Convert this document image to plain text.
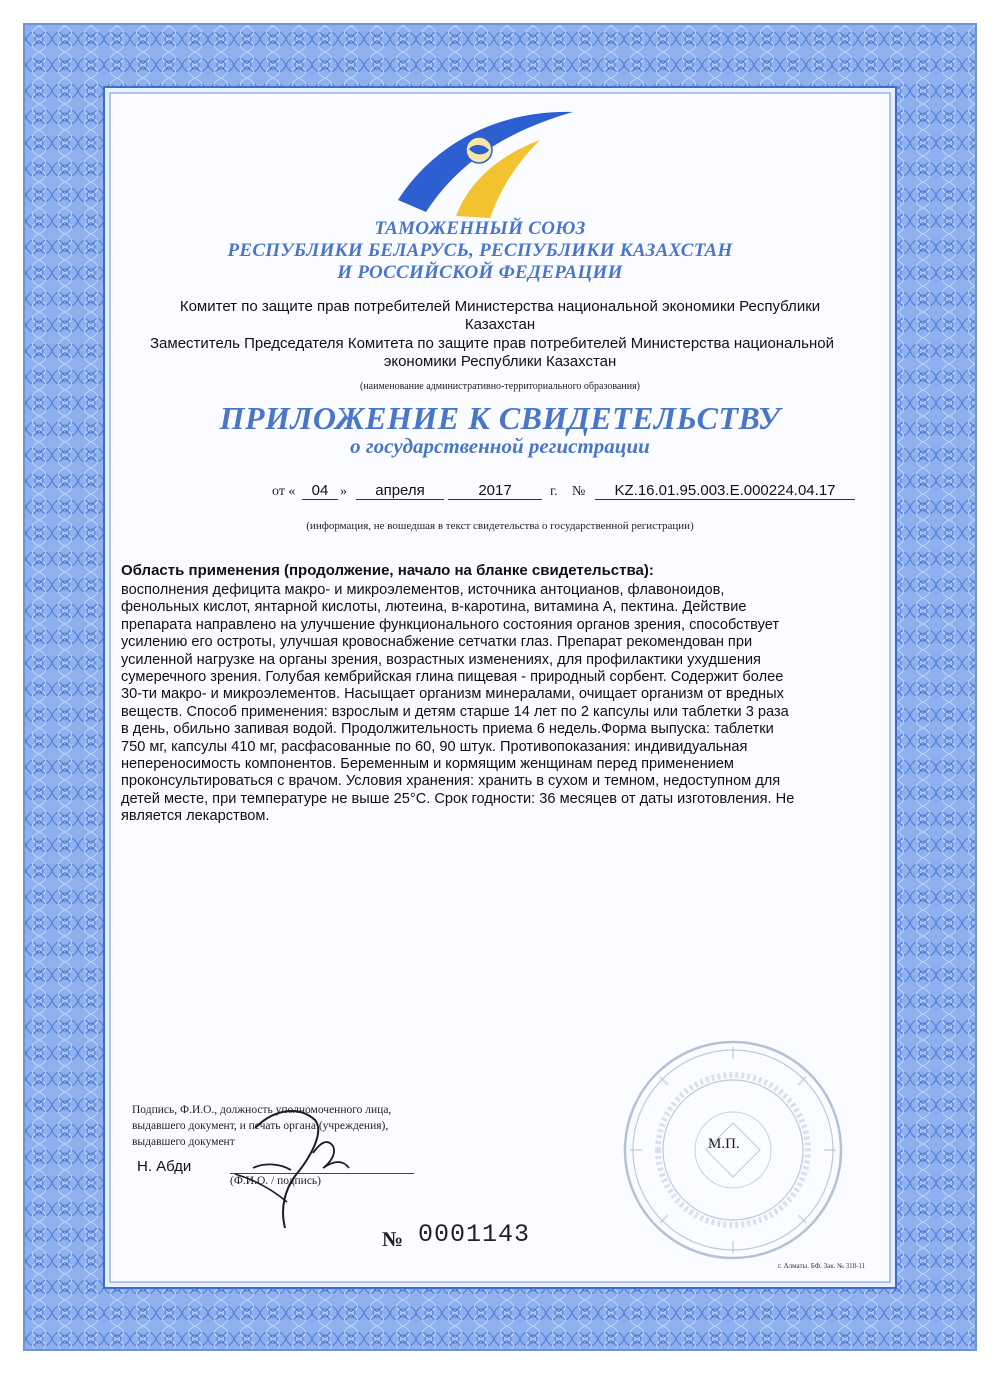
ТАМОЖЕННЫЙ СОЮЗ
РЕСПУБЛИКИ БЕЛАРУСЬ, РЕСПУБЛИКИ КАЗАХСТАН
И РОССИЙСКОЙ ФЕДЕРАЦИИ
Комитет по защите прав потребителей Министерства национальной экономики Республики
Казахстан
Заместитель Председателя Комитета по защите прав потребителей Министерства национальной
экономики Республики Казахстан
(наименование административно-территориального образования)
ПРИЛОЖЕНИЕ К СВИДЕТЕЛЬСТВУ
о государственной регистрации
от «	04 »	апреля	2017	г. №	KZ.16.01.95.003.E.000224.04.17
(информация, не вошедшая в текст свидетельства о государственной регистрации)
Область применения (продолжение, начало на бланке свидетельства):
восполнения дефицита макро- и микроэлементов, источника антоцианов, флавоноидов,
фенольных кислот, янтарной кислоты, лютеина, в-каротина, витамина А, пектина. Действие
препарата направлено на улучшение функционального состояния органов зрения, способствует
усилению его остроты, улучшая кровоснабжение сетчатки глаз. Препарат рекомендован при
усиленной нагрузке на органы зрения, возрастных изменениях, для профилактики ухудшения
сумеречного зрения. Голубая кембрийская глина пищевая - природный сорбент. Содержит более
30-ти макро- и микроэлементов. Насыщает организм минералами, очищает организм от вредных
веществ. Способ применения: взрослым и детям старше 14 лет по 2 капсулы или таблетки 3 раза
в день, обильно запивая водой. Продолжительность приема 6 недель.Форма выпуска: таблетки
750 мг, капсулы 410 мг, расфасованные по 60, 90 штук. Противопоказания: индивидуальная
непереносимость компонентов. Беременным и кормящим женщинам перед применением
проконсультироваться с врачом. Условия хранения: хранить в сухом и темном, недоступном для
детей месте, при температуре не выше 25°С. Срок годности: 36 месяцев от даты изготовления. Не
является лекарством.
Подпись, Ф.И.О., должность уполномоченного лица,
выдавшего документ, и печать органа (учреждения),
выдавшего документ
Н. Абди
(Ф.И.О. / подпись)
М.П.
№ 0001143
г. Алматы. БФ. Зак. № 318-11
